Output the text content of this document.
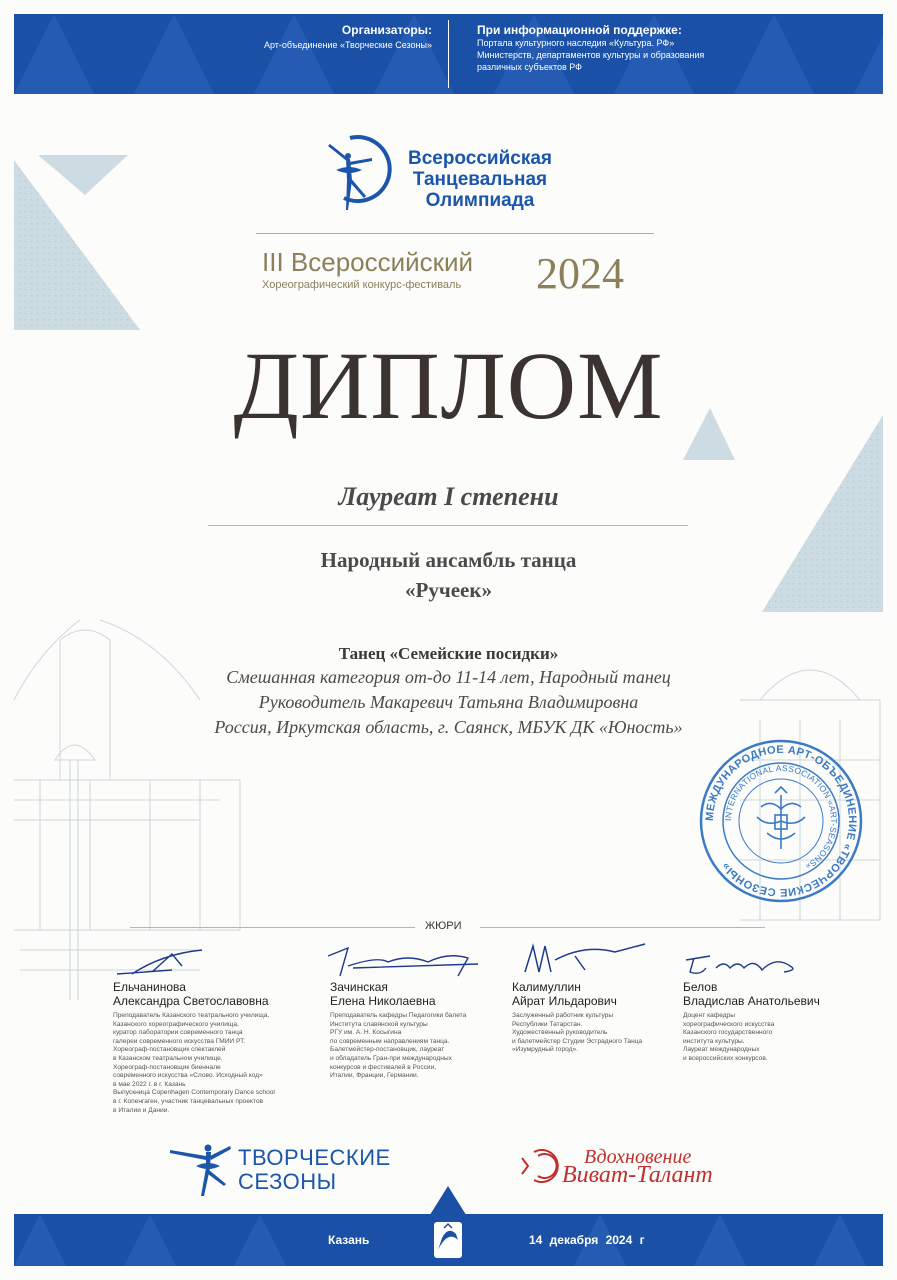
Организаторы:
Арт-объединение «Творческие Сезоны»
При информационной поддержке:
Портала культурного наследия «Культура. РФ»
Министерств, департаментов культуры и образования
различных субъектов РФ
Всероссийская
Танцевальная
Олимпиада
III Всероссийский
Хореографический конкурс-фестиваль 2024
ДИПЛОМ
Лауреат I степени
Народный ансамбль танца
«Ручеек»
Танец «Семейские посидки»
Смешанная категория от-до 11-14 лет, Народный танец
Руководитель Макаревич Татьяна Владимировна
Россия, Иркутская область, г. Саянск, МБУК ДК «Юность»
МЕЖДУНАРОДНОЕ АРТ-ОБЪЕДИНЕНИЕ «ТВОРЧЕСКИЕ СЕЗОНЫ»
INTERNATIONAL ASSOCIATION «ART-SEASONS»
ЖЮРИ
Ельчанинова
Александра Светославовна
Преподаватель Казанского театрального училища,
Казанского хореографического училища,
куратор лаборатории современного танца
галереи современного искусства ГМИИ РТ.
Хореограф-постановщик спектаклей
в Казанском театральном училище.
Хореограф-постановщик биеннале
современного искусства «Слово. Исходный код»
в мае 2022 г. в г. Казань
Выпускница Copenhagen Contemporary Dance school
в г. Копенгаген, участник танцевальных проектов
в Италии и Дании.
Зачинская
Елена Николаевна
Преподаватель кафедры Педагогики балета
Института славянской культуры
РГУ им. А. Н. Косыгина
по современным направлениям танца.
Балетмейстер-постановщик, лауреат
и обладатель Гран-при международных
конкурсов и фестивалей в России,
Италии, Франции, Германии.
Калимуллин
Айрат Ильдарович
Заслуженный работник культуры
Республики Татарстан.
Художественный руководитель
и балетмейстер Студии Эстрадного Танца
«Изумрудный город».
Белов
Владислав Анатольевич
Доцент кафедры
хореографического искусства
Казанского государственного
института культуры.
Лауреат международных
и всероссийских конкурсов.
ТВОРЧЕСКИЕ
СЕЗОНЫ
Вдохновение
Виват-Талант
Казань	14 декабря 2024 г
